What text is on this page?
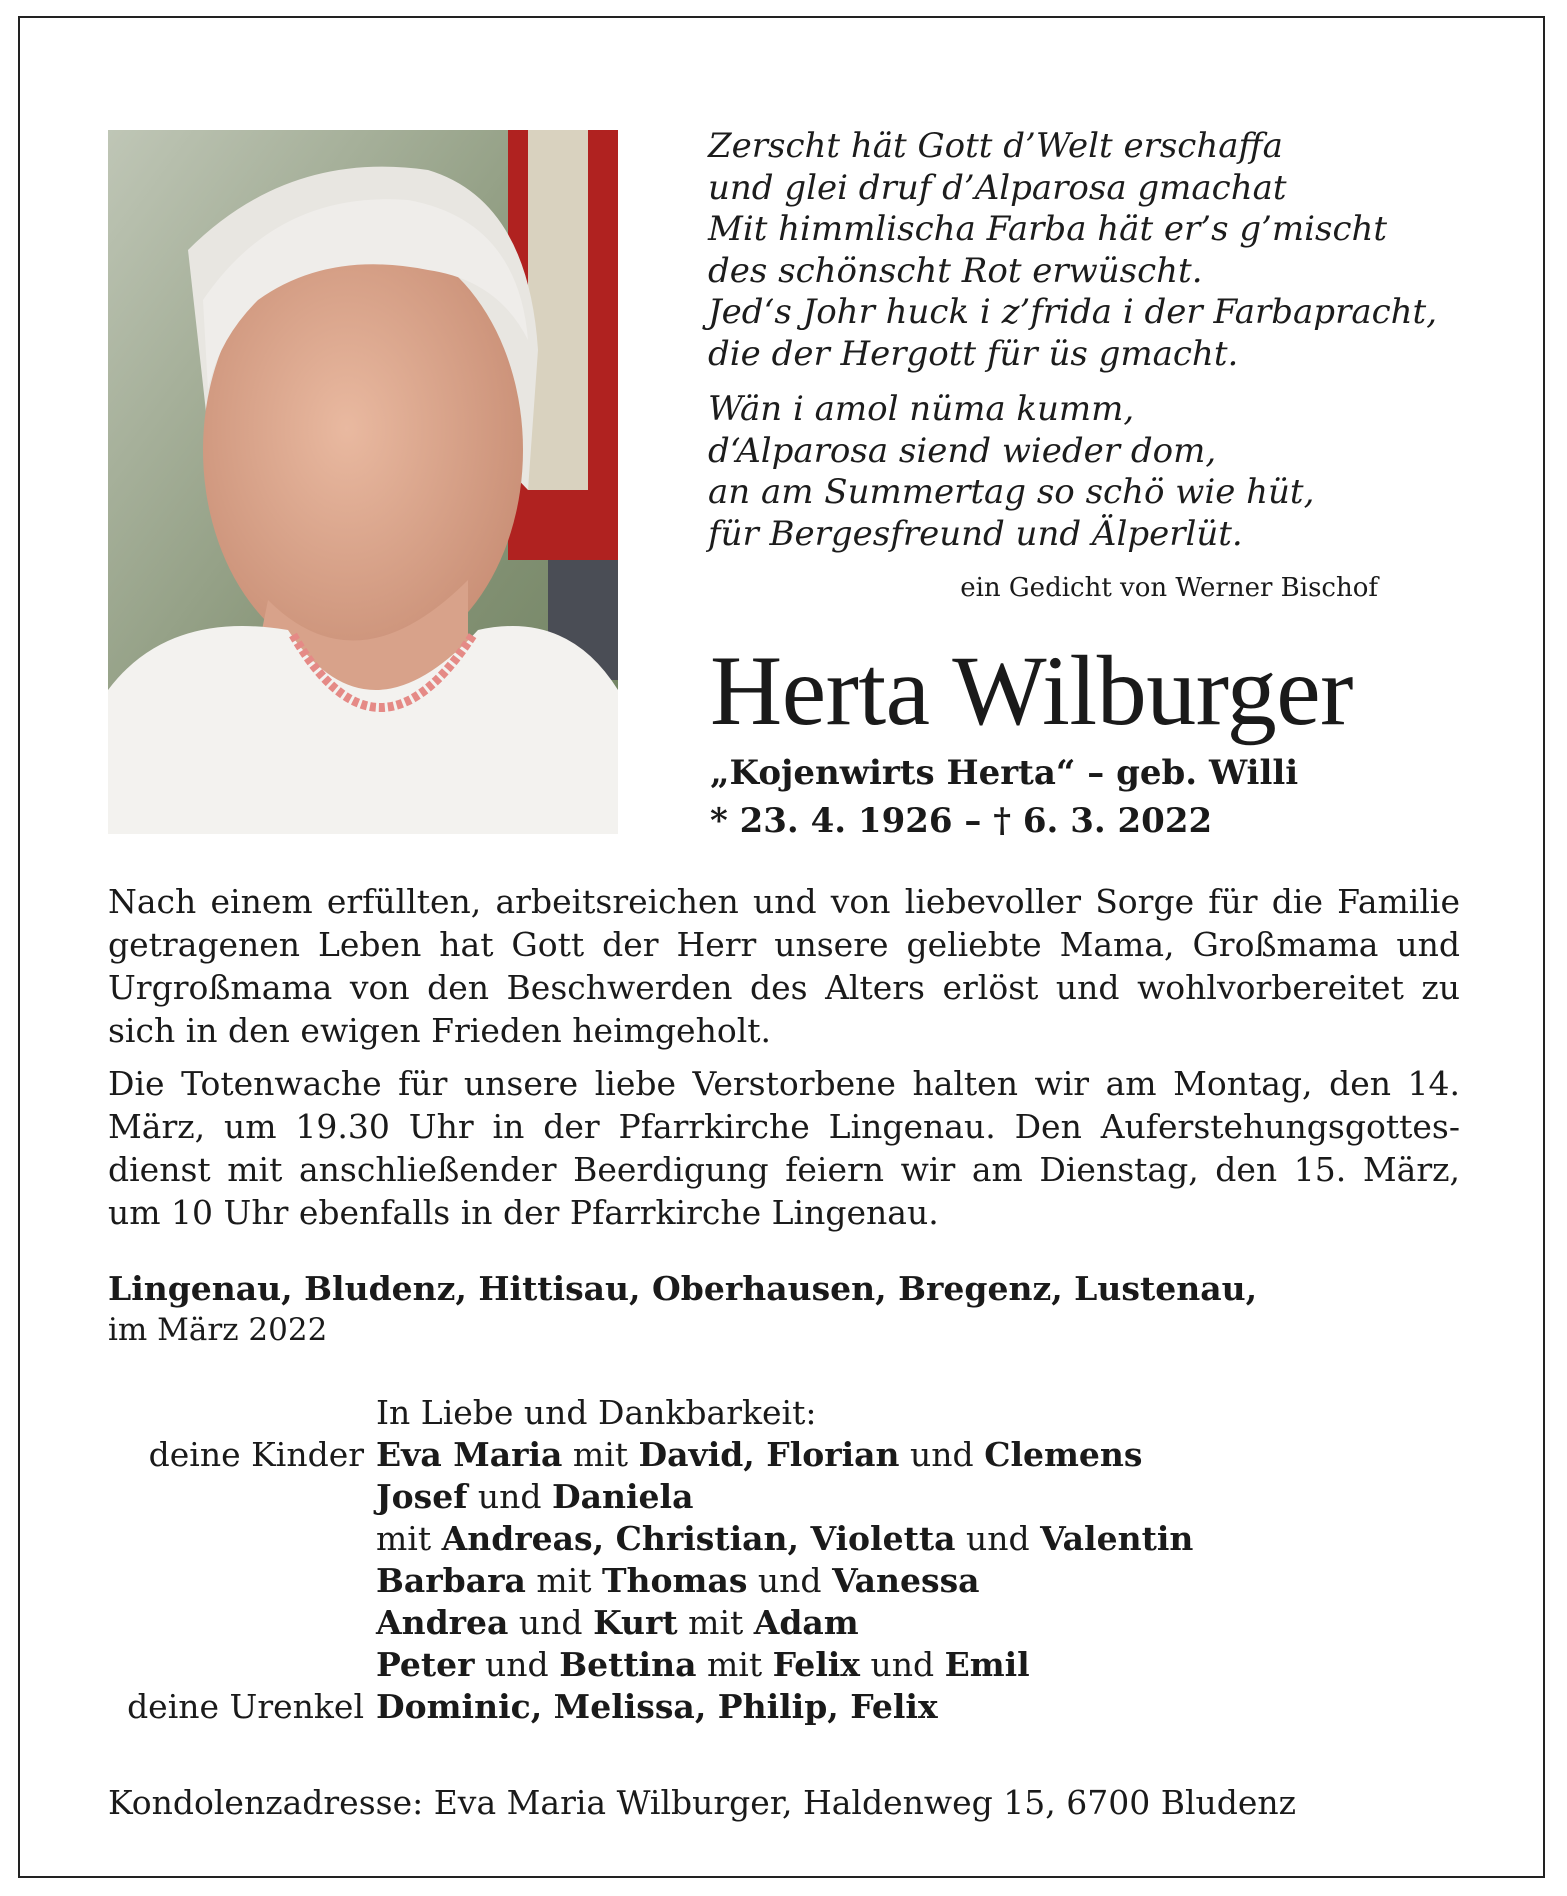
Zerscht hät Gott d’Welt erschaffa
und glei druf d’Alparosa gmachat
Mit himmlischa Farba hät er’s g’mischt
des schönscht Rot erwüscht.
Jed‘s Johr huck i z’frida i der Farbapracht,
die der Hergott für üs gmacht.
Wän i amol nüma kumm,
d‘Alparosa siend wieder dom,
an am Summertag so schö wie hüt,
für Bergesfreund und Älperlüt.
ein Gedicht von Werner Bischof
Herta Wilburger
„Kojenwirts Herta“ – geb. Willi
* 23. 4. 1926 – † 6. 3. 2022

Nach einem erfüllten, arbeitsreichen und von liebevoller Sorge für die Familie getragenen Leben hat Gott der Herr unsere geliebte Mama, Großmama und Urgroßmama von den Beschwerden des Alters erlöst und wohlvorbereitet zu sich in den ewigen Frieden heimgeholt.

Die Totenwache für unsere liebe Verstorbene halten wir am Montag, den 14. März, um 19.30 Uhr in der Pfarrkirche Lingenau. Den Auferstehungsgottesdienst mit anschließender Beerdigung feiern wir am Dienstag, den 15. März, um 10 Uhr ebenfalls in der Pfarrkirche Lingenau.

Lingenau, Bludenz, Hittisau, Oberhausen, Bregenz, Lustenau,
im März 2022
In Liebe und Dankbarkeit:
deine Kinder Eva Maria mit David, Florian und Clemens
Josef und Daniela
mit Andreas, Christian, Violetta und Valentin
Barbara mit Thomas und Vanessa
Andrea und Kurt mit Adam
Peter und Bettina mit Felix und Emil
deine Urenkel Dominic, Melissa, Philip, Felix
Kondolenzadresse: Eva Maria Wilburger, Haldenweg 15, 6700 Bludenz
